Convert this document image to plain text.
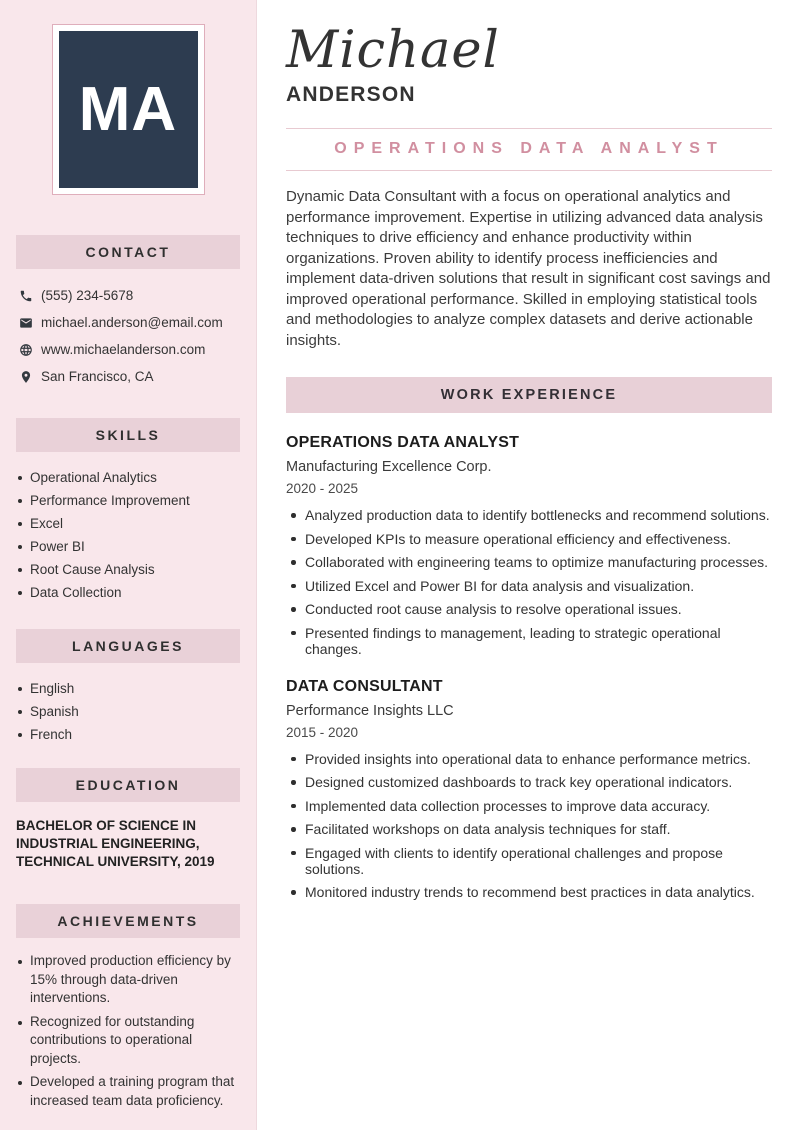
MA
CONTACT
(555) 234-5678
michael.anderson@email.com
www.michaelanderson.com
San Francisco, CA
SKILLS
Operational Analytics
Performance Improvement
Excel
Power BI
Root Cause Analysis
Data Collection
LANGUAGES
English
Spanish
French
EDUCATION

BACHELOR OF SCIENCE IN INDUSTRIAL ENGINEERING, TECHNICAL UNIVERSITY, 2019

ACHIEVEMENTS
Improved production efficiency by 15% through data-driven interventions.
Recognized for outstanding contributions to operational projects.
Developed a training program that increased team data proficiency.
Michael
ANDERSON
OPERATIONS DATA ANALYST

Dynamic Data Consultant with a focus on operational analytics and performance improvement. Expertise in utilizing advanced data analysis techniques to drive efficiency and enhance productivity within organizations. Proven ability to identify process inefficiencies and implement data-driven solutions that result in significant cost savings and improved operational performance. Skilled in employing statistical tools and methodologies to analyze complex datasets and derive actionable insights.

WORK EXPERIENCE
OPERATIONS DATA ANALYST
Manufacturing Excellence Corp.
2020 - 2025
Analyzed production data to identify bottlenecks and recommend solutions.
Developed KPIs to measure operational efficiency and effectiveness.
Collaborated with engineering teams to optimize manufacturing processes.
Utilized Excel and Power BI for data analysis and visualization.
Conducted root cause analysis to resolve operational issues.
Presented findings to management, leading to strategic operational changes.
DATA CONSULTANT
Performance Insights LLC
2015 - 2020
Provided insights into operational data to enhance performance metrics.
Designed customized dashboards to track key operational indicators.
Implemented data collection processes to improve data accuracy.
Facilitated workshops on data analysis techniques for staff.
Engaged with clients to identify operational challenges and propose solutions.
Monitored industry trends to recommend best practices in data analytics.
